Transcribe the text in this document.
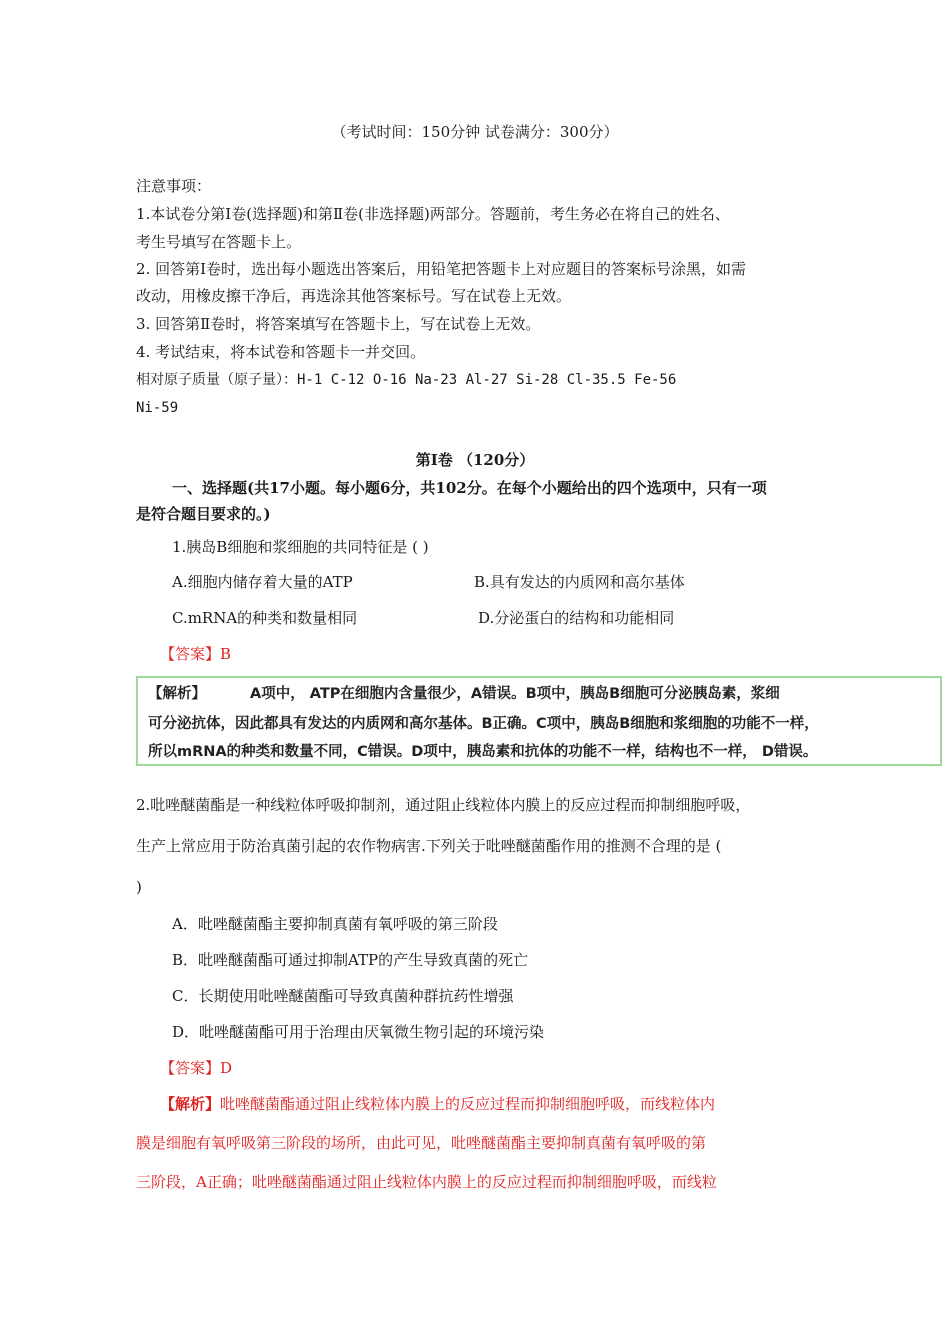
（考试时间：150分钟 试卷满分：300分）
注意事项：
1.本试卷分第Ⅰ卷(选择题)和第Ⅱ卷(非选择题)两部分。答题前，考生务必在将自己的姓名、
考生号填写在答题卡上。
2. 回答第Ⅰ卷时，选出每小题选出答案后，用铅笔把答题卡上对应题目的答案标号涂黑，如需
改动，用橡皮擦干净后，再选涂其他答案标号。写在试卷上无效。
3. 回答第Ⅱ卷时，将答案填写在答题卡上，写在试卷上无效。
4. 考试结束，将本试卷和答题卡一并交回。
相对原子质量（原子量）：H-1 C-12 O-16 Na-23 Al-27 Si-28 Cl-35.5 Fe-56
Ni-59
第Ⅰ卷 （120分）
一、选择题(共17小题。每小题6分，共102分。在每个小题给出的四个选项中，只有一项
是符合题目要求的。)
1.胰岛B细胞和浆细胞的共同特征是 ( )
A.细胞内储存着大量的ATP	B.具有发达的内质网和高尔基体
C.mRNA的种类和数量相同	D.分泌蛋白的结构和功能相同
【答案】B
【解析】	A项中， ATP在细胞内含量很少，A错误。B项中，胰岛B细胞可分泌胰岛素，浆细
可分泌抗体，因此都具有发达的内质网和高尔基体。B正确。C项中，胰岛B细胞和浆细胞的功能不一样，
所以mRNA的种类和数量不同，C错误。D项中，胰岛素和抗体的功能不一样，结构也不一样， D错误。
2.吡唑醚菌酯是一种线粒体呼吸抑制剂，通过阻止线粒体内膜上的反应过程而抑制细胞呼吸，
生产上常应用于防治真菌引起的农作物病害.下列关于吡唑醚菌酯作用的推测不合理的是 (
)
A．吡唑醚菌酯主要抑制真菌有氧呼吸的第三阶段
B．吡唑醚菌酯可通过抑制ATP的产生导致真菌的死亡
C．长期使用吡唑醚菌酯可导致真菌种群抗药性增强
D．吡唑醚菌酯可用于治理由厌氧微生物引起的环境污染
【答案】D
【解析】吡唑醚菌酯通过阻止线粒体内膜上的反应过程而抑制细胞呼吸，而线粒体内
膜是细胞有氧呼吸第三阶段的场所，由此可见，吡唑醚菌酯主要抑制真菌有氧呼吸的第
三阶段，A正确；吡唑醚菌酯通过阻止线粒体内膜上的反应过程而抑制细胞呼吸，而线粒
